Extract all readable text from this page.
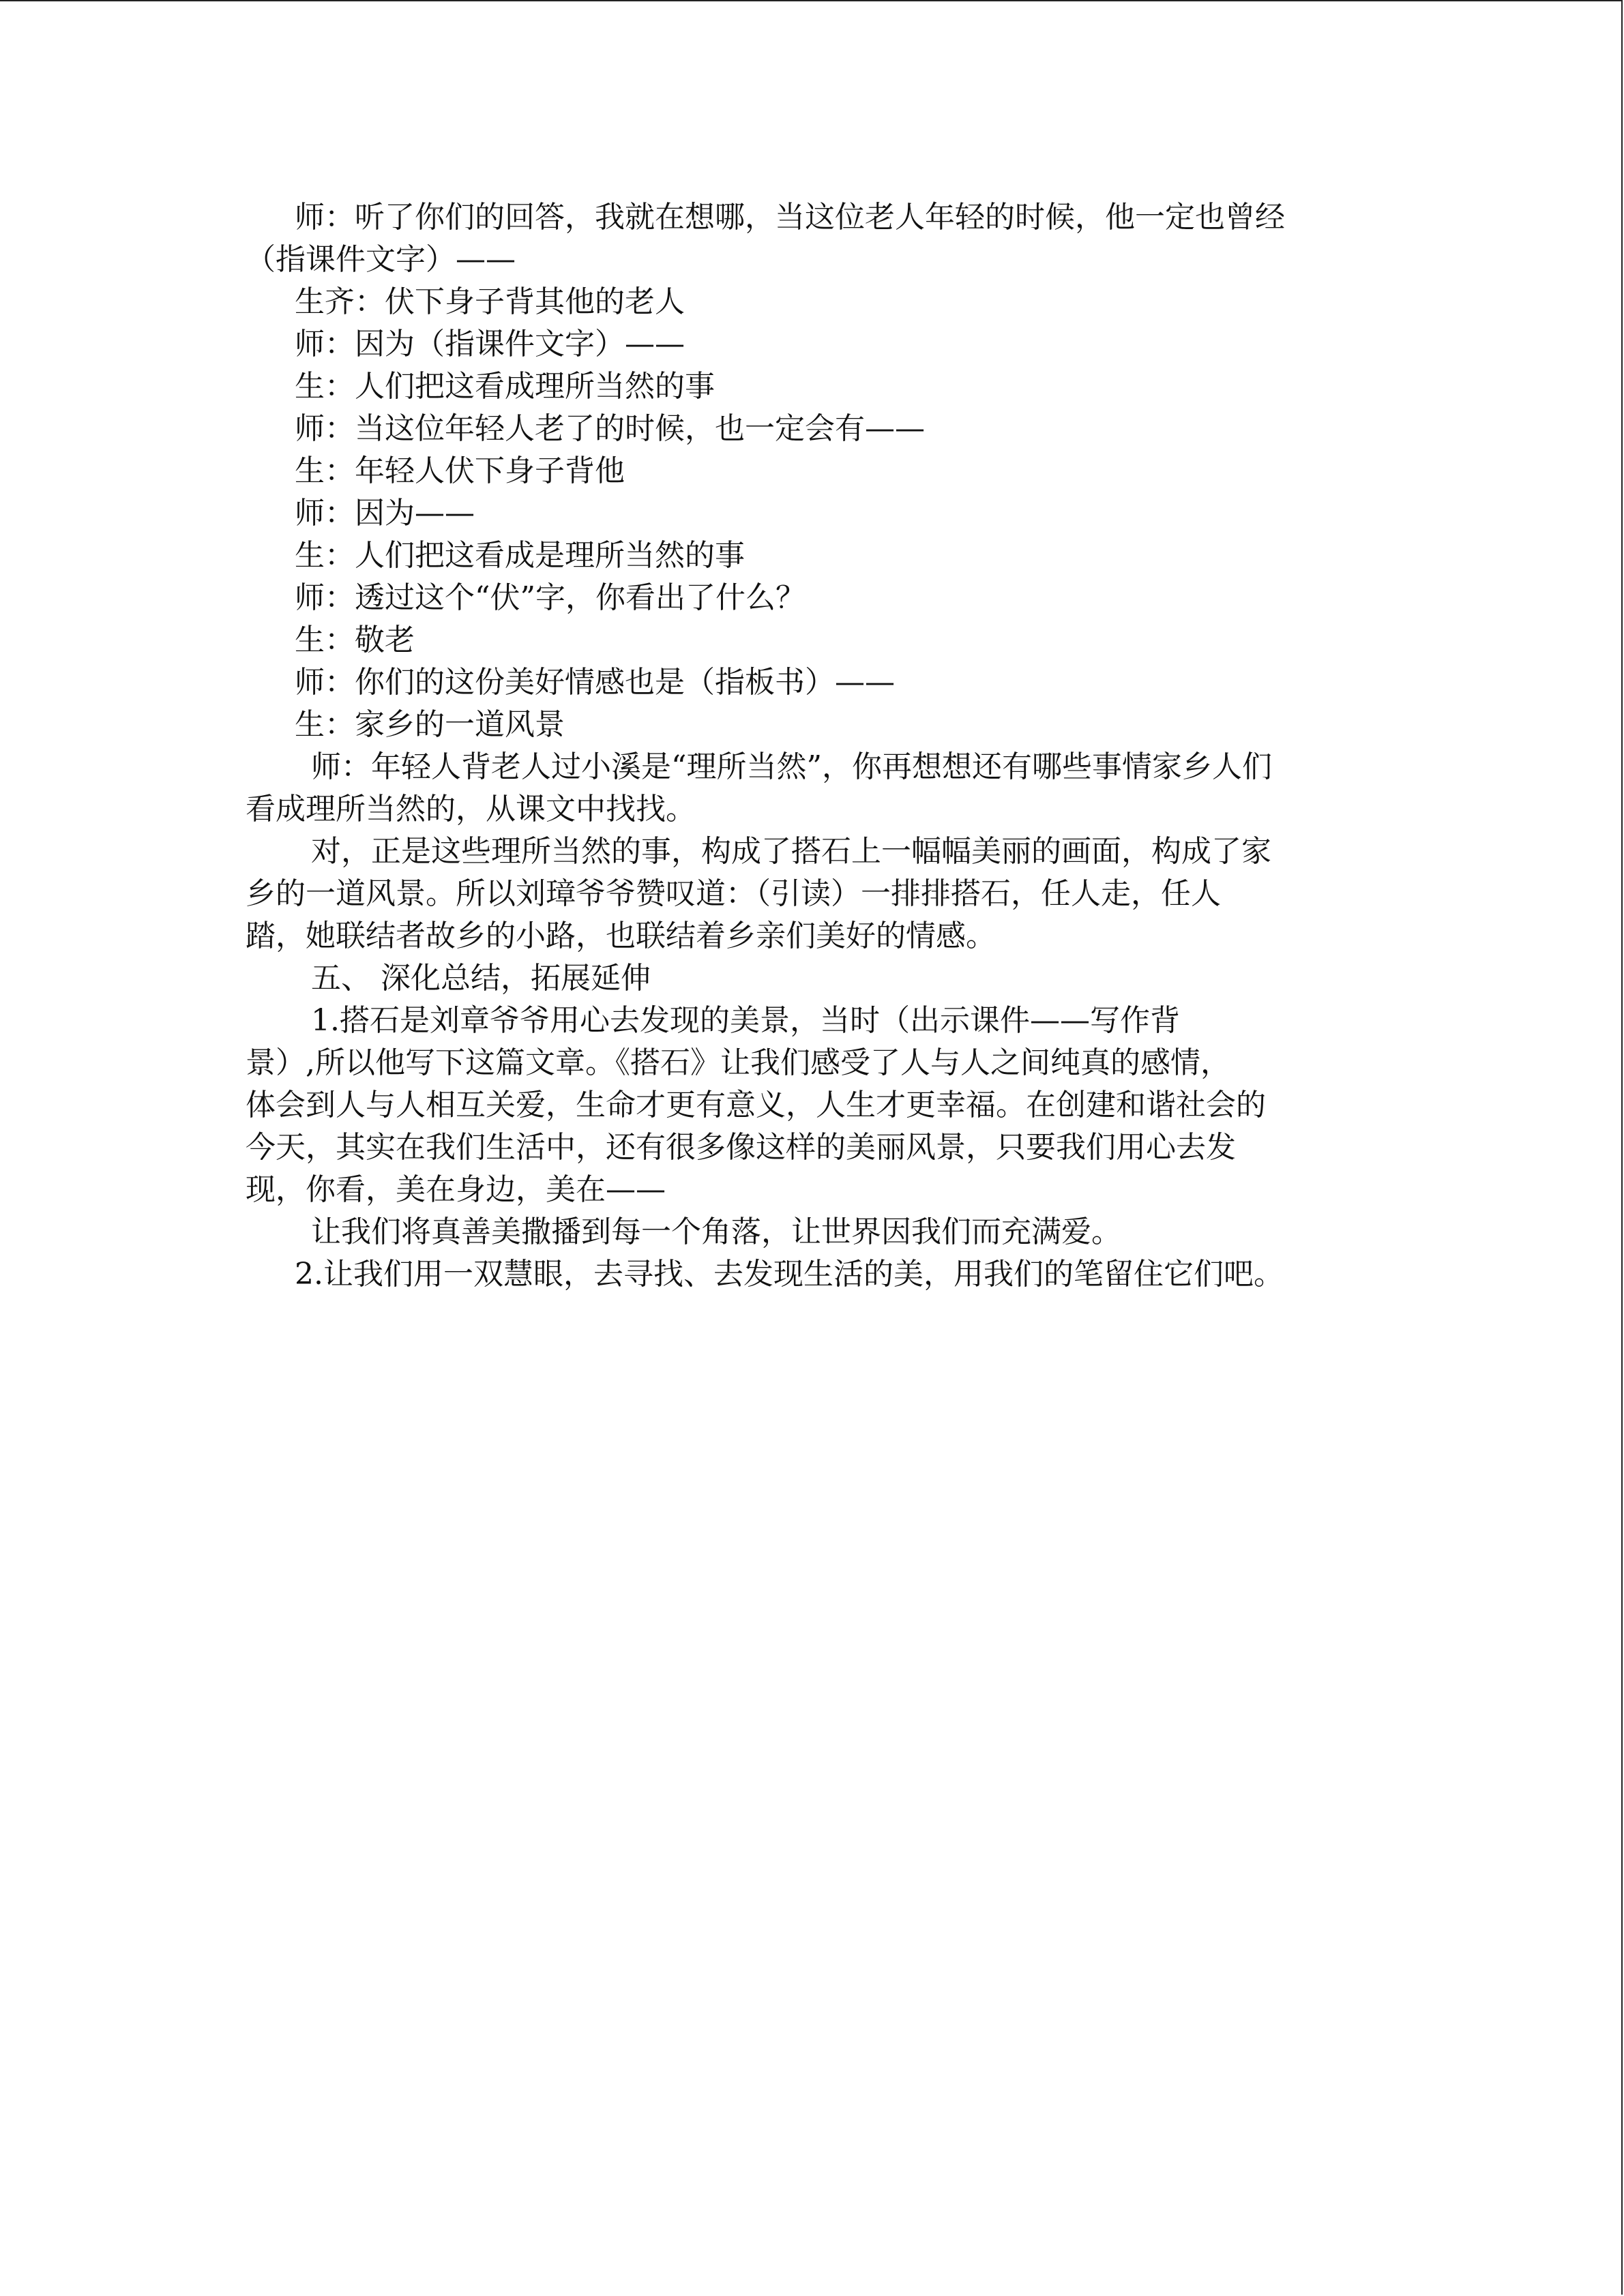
师：听了你们的回答，我就在想哪，当这位老人年轻的时候，他一定也曾经
（指课件文字）——
生齐：伏下身子背其他的老人
师：因为（指课件文字）——
生：人们把这看成理所当然的事
师：当这位年轻人老了的时候，也一定会有——
生：年轻人伏下身子背他
师：因为——
生：人们把这看成是理所当然的事
师：透过这个“伏”字，你看出了什么？
生：敬老
师：你们的这份美好情感也是（指板书）——
生：家乡的一道风景
师：年轻人背老人过小溪是“理所当然”，你再想想还有哪些事情家乡人们
看成理所当然的，从课文中找找。
对，正是这些理所当然的事，构成了搭石上一幅幅美丽的画面，构成了家
乡的一道风景。所以刘璋爷爷赞叹道：（引读）一排排搭石，任人走，任人
踏，她联结者故乡的小路，也联结着乡亲们美好的情感。
五、 深化总结，拓展延伸
1.搭石是刘章爷爷用心去发现的美景，当时（出示课件——写作背
景）,所以他写下这篇文章。《搭石》让我们感受了人与人之间纯真的感情，
体会到人与人相互关爱，生命才更有意义，人生才更幸福。在创建和谐社会的
今天，其实在我们生活中，还有很多像这样的美丽风景，只要我们用心去发
现，你看，美在身边，美在——
让我们将真善美撒播到每一个角落，让世界因我们而充满爱。
2.让我们用一双慧眼，去寻找、去发现生活的美，用我们的笔留住它们吧。
